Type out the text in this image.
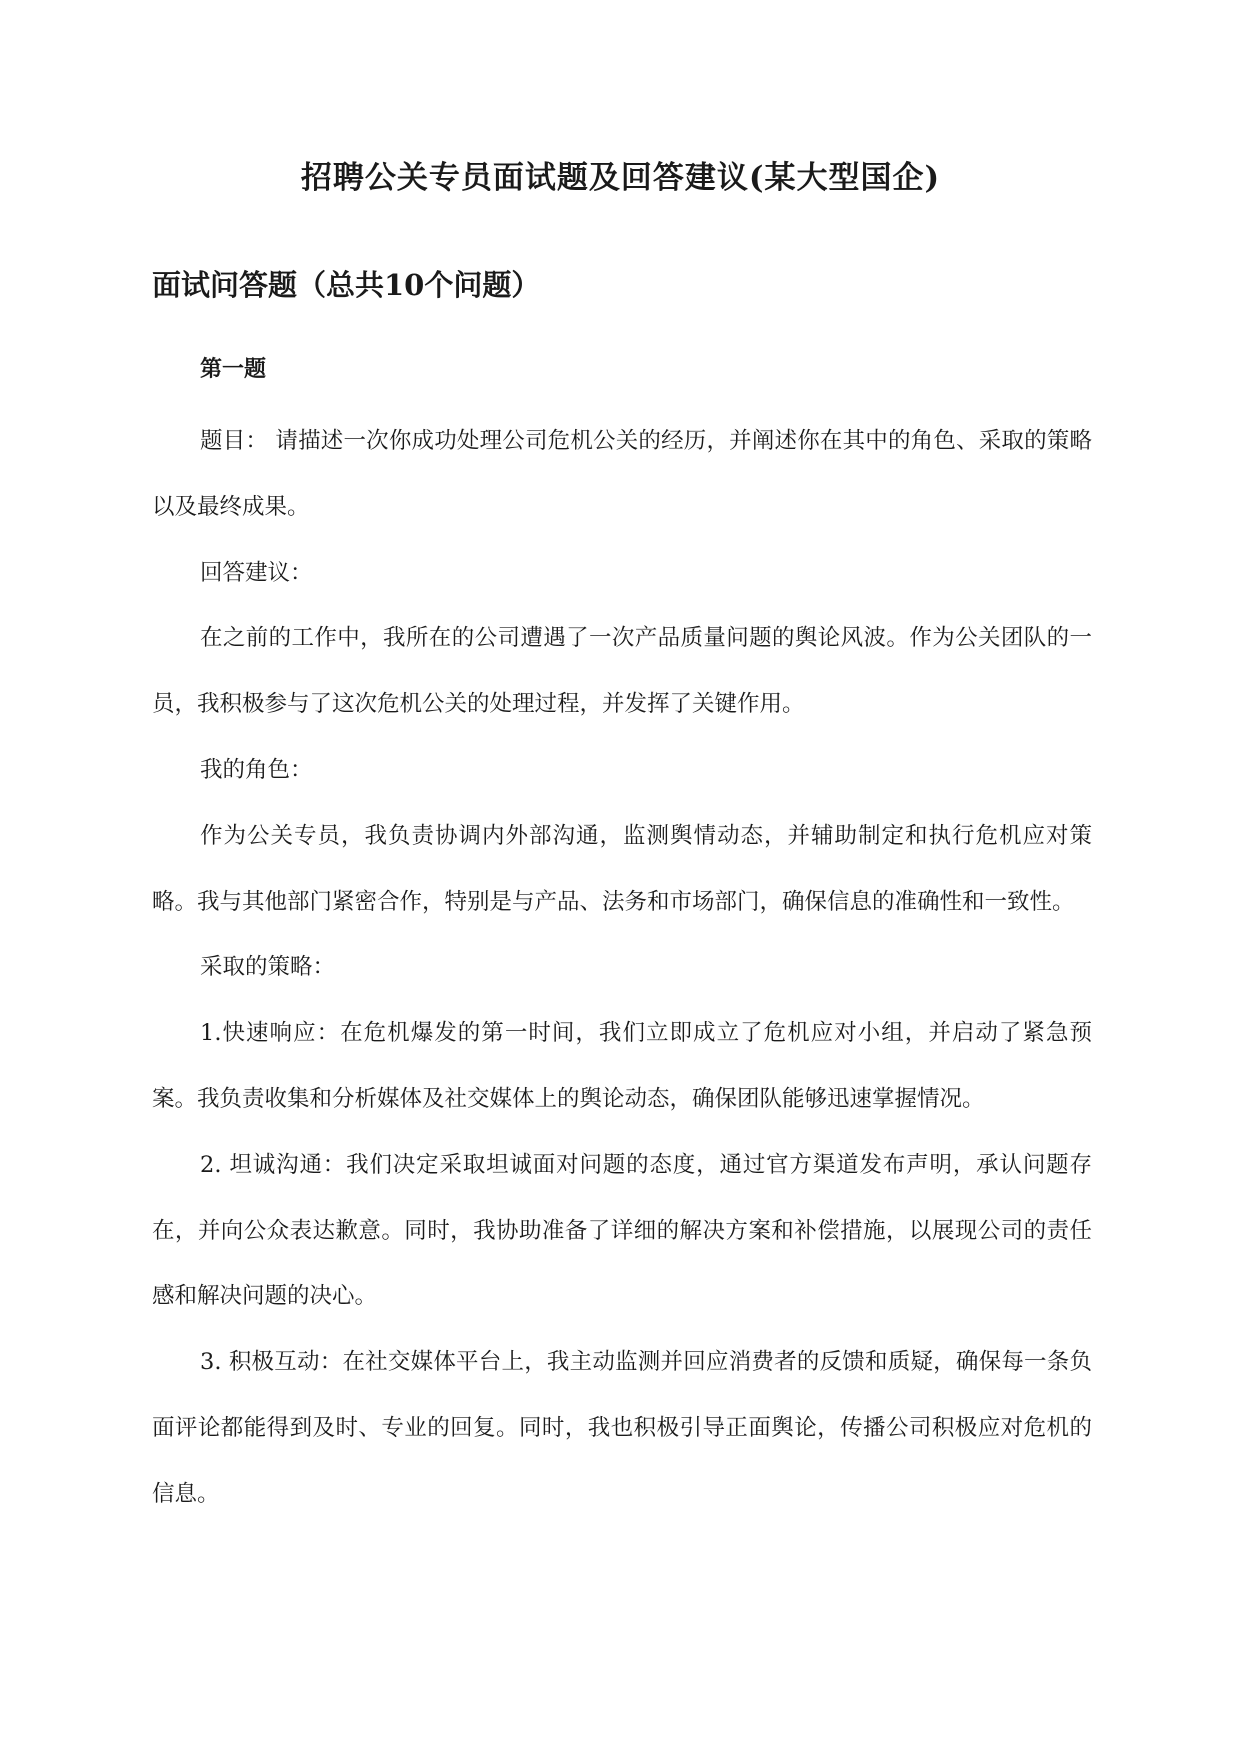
招聘公关专员面试题及回答建议(某大型国企)
面试问答题（总共10个问题）
第一题

题目： 请描述一次你成功处理公司危机公关的经历，并阐述你在其中的角色、采取的策略以及最终成果。

回答建议：

在之前的工作中，我所在的公司遭遇了一次产品质量问题的舆论风波。作为公关团队的一员，我积极参与了这次危机公关的处理过程，并发挥了关键作用。

我的角色：

作为公关专员，我负责协调内外部沟通，监测舆情动态，并辅助制定和执行危机应对策略。我与其他部门紧密合作，特别是与产品、法务和市场部门，确保信息的准确性和一致性。

采取的策略：

1.快速响应：在危机爆发的第一时间，我们立即成立了危机应对小组，并启动了紧急预案。我负责收集和分析媒体及社交媒体上的舆论动态，确保团队能够迅速掌握情况。

2. 坦诚沟通：我们决定采取坦诚面对问题的态度，通过官方渠道发布声明，承认问题存在，并向公众表达歉意。同时，我协助准备了详细的解决方案和补偿措施，以展现公司的责任感和解决问题的决心。

3. 积极互动：在社交媒体平台上，我主动监测并回应消费者的反馈和质疑，确保每一条负面评论都能得到及时、专业的回复。同时，我也积极引导正面舆论，传播公司积极应对危机的信息。
